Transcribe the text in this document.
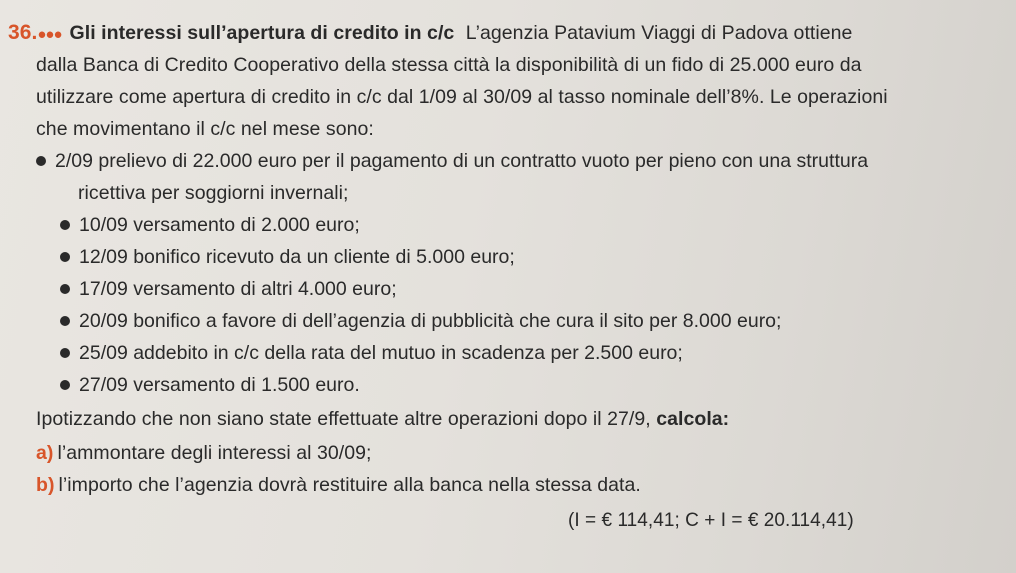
36.●●● Gli interessi sull’apertura di credito in c/c L’agenzia Patavium Viaggi di Padova ottiene
dalla Banca di Credito Cooperativo della stessa città la disponibilità di un fido di 25.000 euro da
utilizzare come apertura di credito in c/c dal 1/09 al 30/09 al tasso nominale dell’8%. Le operazioni
che movimentano il c/c nel mese sono:
2/09 prelievo di 22.000 euro per il pagamento di un contratto vuoto per pieno con una struttura
ricettiva per soggiorni invernali;
10/09 versamento di 2.000 euro;
12/09 bonifico ricevuto da un cliente di 5.000 euro;
17/09 versamento di altri 4.000 euro;
20/09 bonifico a favore di dell’agenzia di pubblicità che cura il sito per 8.000 euro;
25/09 addebito in c/c della rata del mutuo in scadenza per 2.500 euro;
27/09 versamento di 1.500 euro.
Ipotizzando che non siano state effettuate altre operazioni dopo il 27/9, calcola:
a) l’ammontare degli interessi al 30/09;
b) l’importo che l’agenzia dovrà restituire alla banca nella stessa data.
(I = € 114,41; C + I = € 20.114,41)
